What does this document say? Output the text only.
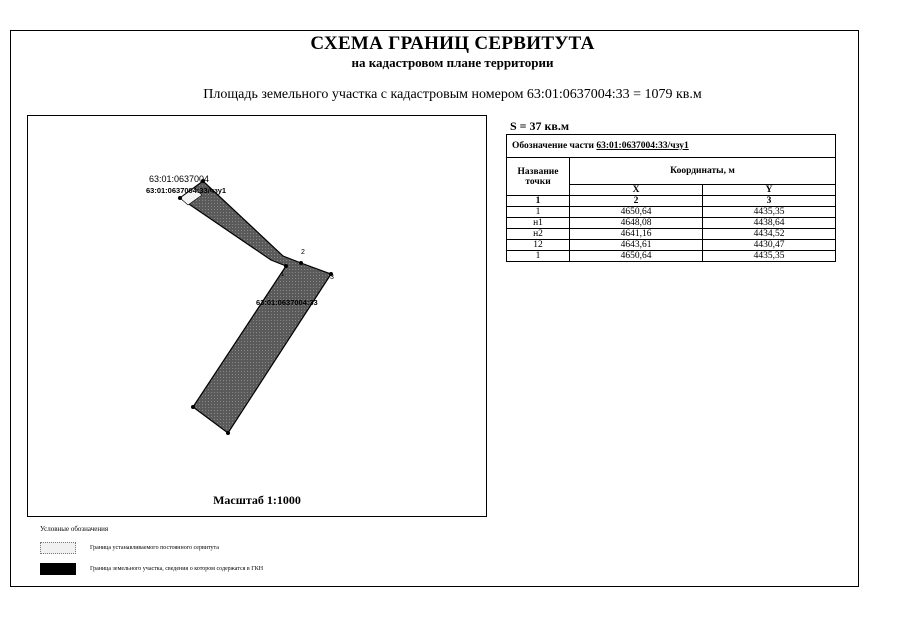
СХЕМА ГРАНИЦ СЕРВИТУТА
на кадастровом плане территории
Площадь земельного участка с кадастровым номером 63:01:0637004:33 = 1079 кв.м
63:01:0637004
63:01:0637004:33/чзу1
63:01:0637004:33
2
3
1
Масштаб 1:1000
S = 37 кв.м
Обозначение части 63:01:0637004:33/чзу1		
Название точки	Координаты, м	
	X	Y
1	2	3
1	4650,64	4435,35
н1	4648,08	4438,64
н2	4641,16	4434,52
12	4643,61	4430,47
1	4650,64	4435,35
Условные обозначения
Граница устанавливаемого постоянного сервитута
Граница земельного участка, сведения о котором содержатся в ГКН
